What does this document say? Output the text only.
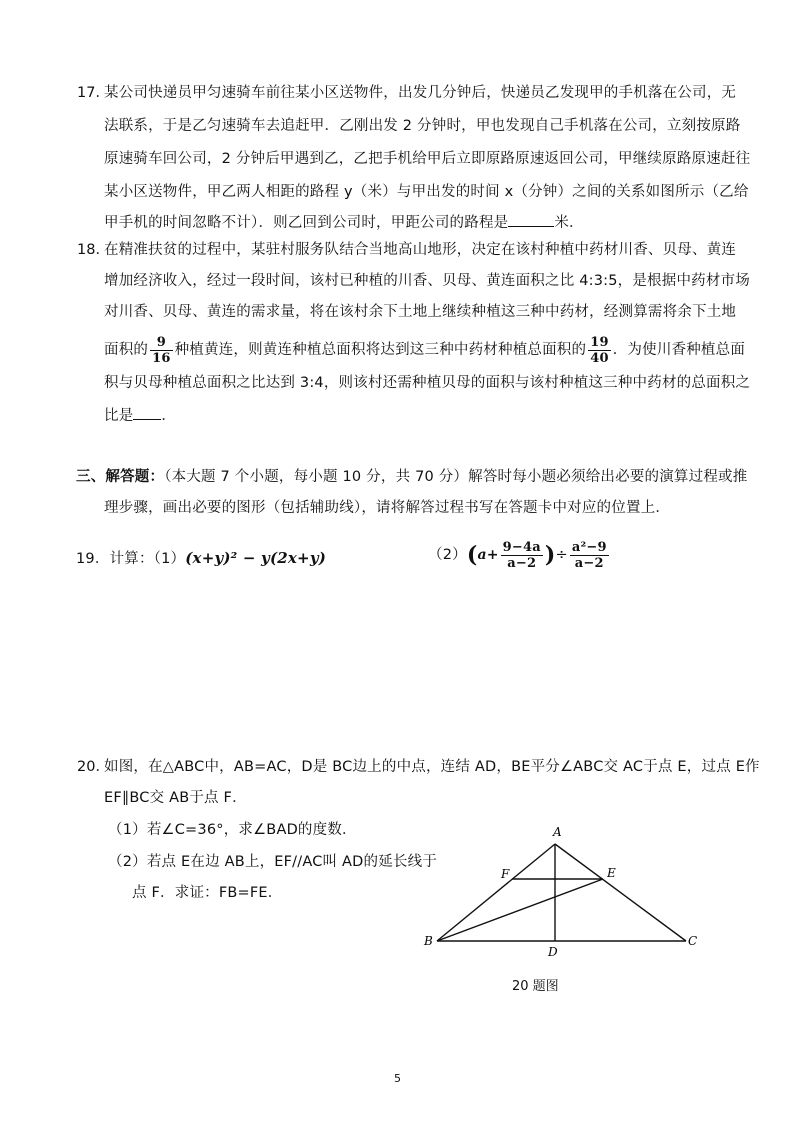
17．
某公司快递员甲匀速骑车前往某小区送物件，出发几分钟后，快递员乙发现甲的手机落在公司，无
法联系，于是乙匀速骑车去追赶甲．乙刚出发 2 分钟时，甲也发现自己手机落在公司，立刻按原路
原速骑车回公司，2 分钟后甲遇到乙，乙把手机给甲后立即原路原速返回公司，甲继续原路原速赶往
某小区送物件，甲乙两人相距的路程 y（米）与甲出发的时间 x（分钟）之间的关系如图所示（乙给
甲手机的时间忽略不计）．则乙回到公司时，甲距公司的路程是	米．
18．
在精准扶贫的过程中，某驻村服务队结合当地高山地形，决定在该村种植中药材川香、贝母、黄连
增加经济收入，经过一段时间，该村已种植的川香、贝母、黄连面积之比 4:3:5，是根据中药材市场
对川香、贝母、黄连的需求量，将在该村余下土地上继续种植这三种中药材，经测算需将余下土地
面积的 $\frac{9}{16}$ 种植黄连，则黄连种植总面积将达到这三种中药材种植总面积的 $\frac{19}{40}$ ．为使川香种植总面
积与贝母种植总面积之比达到 3:4，则该村还需种植贝母的面积与该村种植这三种中药材的总面积之
比是 ．
三、解答题：（本大题 7 个小题，每小题 10 分，共 70 分）解答时每小题必须给出必要的演算过程或推
理步骤，画出必要的图形（包括辅助线），请将解答过程书写在答题卡中对应的位置上．
19．计算：（1）(x+y)² − y(2x+y)	$(2)(a+ \frac{9-4a}{a-2}$ )÷ $\frac{\text{a²−9}}{a-2}$
20．
如图，在△ABC中，AB=AC，D是 BC边上的中点，连结 AD，BE平分∠ABC交 AC于点 E，过点 E作
EF∥BC交 AB于点 F．
（1）若∠C=36°，求∠BAD的度数．
（2）若点 E在边 AB上，EF//AC叫 AD的延长线于
点 F．求证：FB=FE．
A
B	C
D
E
F
20 题图
5
